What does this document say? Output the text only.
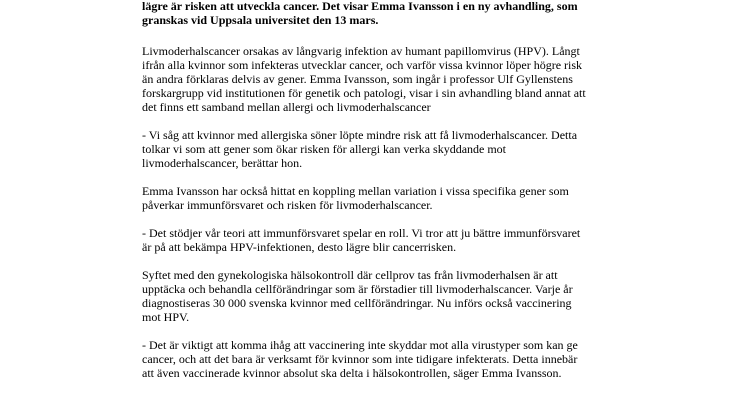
lägre är risken att utveckla cancer. Det visar Emma Ivansson i en ny avhandling, som granskas vid Uppsala universitet den 13 mars.

Livmoderhalscancer orsakas av långvarig infektion av humant papillomvirus (HPV). Långt ifrån alla kvinnor som infekteras utvecklar cancer, och varför vissa kvinnor löper högre risk än andra förklaras delvis av gener. Emma Ivansson, som ingår i professor Ulf Gyllenstens forskargrupp vid institutionen för genetik och patologi, visar i sin avhandling bland annat att det finns ett samband mellan allergi och livmoderhalscancer

- Vi såg att kvinnor med allergiska söner löpte mindre risk att få livmoderhalscancer. Detta tolkar vi som att gener som ökar risken för allergi kan verka skyddande mot livmoderhalscancer, berättar hon.

Emma Ivansson har också hittat en koppling mellan variation i vissa specifika gener som påverkar immunförsvaret och risken för livmoderhalscancer.

- Det stödjer vår teori att immunförsvaret spelar en roll. Vi tror att ju bättre immunförsvaret är på att bekämpa HPV-infektionen, desto lägre blir cancerrisken.

Syftet med den gynekologiska hälsokontroll där cellprov tas från livmoderhalsen är att upptäcka och behandla cellförändringar som är förstadier till livmoderhalscancer. Varje år diagnostiseras 30 000 svenska kvinnor med cellförändringar. Nu införs också vaccinering mot HPV.

- Det är viktigt att komma ihåg att vaccinering inte skyddar mot alla virustyper som kan ge cancer, och att det bara är verksamt för kvinnor som inte tidigare infekterats. Detta innebär att även vaccinerade kvinnor absolut ska delta i hälsokontrollen, säger Emma Ivansson.
